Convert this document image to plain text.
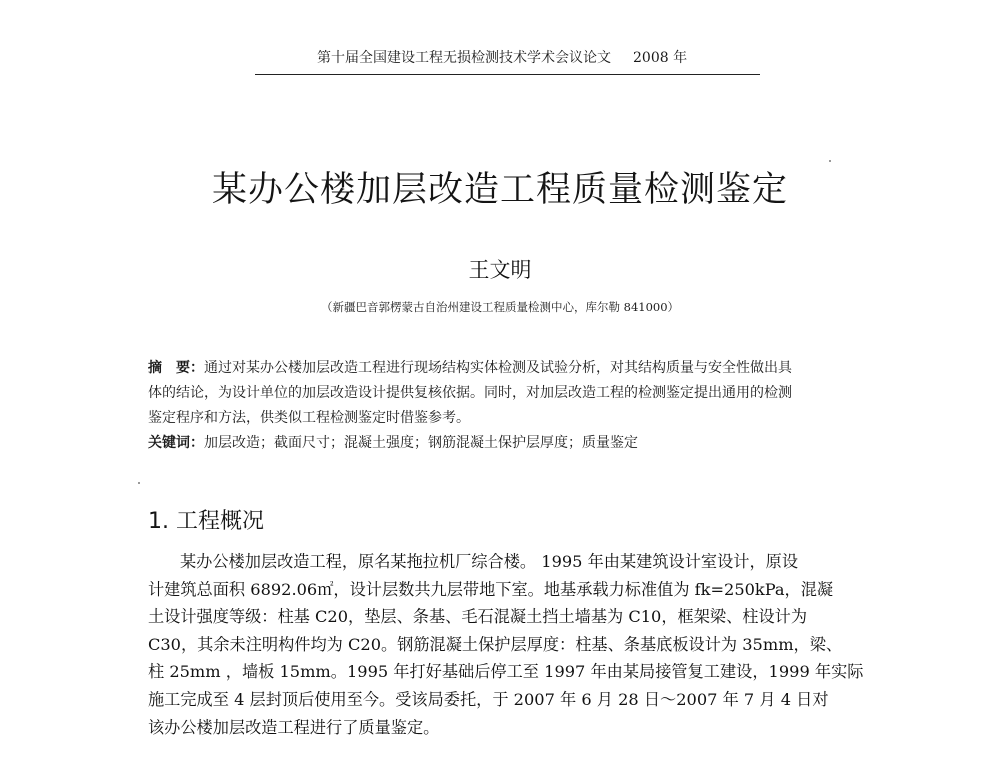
第十届全国建设工程无损检测技术学术会议论文 2008 年
某办公楼加层改造工程质量检测鉴定
王文明
（新疆巴音郭楞蒙古自治州建设工程质量检测中心，库尔勒 841000）
摘　要：通过对某办公楼加层改造工程进行现场结构实体检测及试验分析，对其结构质量与安全性做出具
体的结论，为设计单位的加层改造设计提供复核依据。同时，对加层改造工程的检测鉴定提出通用的检测
鉴定程序和方法，供类似工程检测鉴定时借鉴参考。
关键词：加层改造；截面尺寸；混凝土强度；钢筋混凝土保护层厚度；质量鉴定
1. 工程概况
某办公楼加层改造工程，原名某拖拉机厂综合楼。 1995 年由某建筑设计室设计，原设
计建筑总面积 6892.06㎡，设计层数共九层带地下室。地基承载力标准值为 fk=250kPa，混凝
土设计强度等级：柱基 C20，垫层、条基、毛石混凝土挡土墙基为 C10，框架梁、柱设计为
C30，其余未注明构件均为 C20。钢筋混凝土保护层厚度：柱基、条基底板设计为 35mm，梁、
柱 25mm ，墙板 15mm。1995 年打好基础后停工至 1997 年由某局接管复工建设，1999 年实际
施工完成至 4 层封顶后使用至今。受该局委托，于 2007 年 6 月 28 日～2007 年 7 月 4 日对
该办公楼加层改造工程进行了质量鉴定。
